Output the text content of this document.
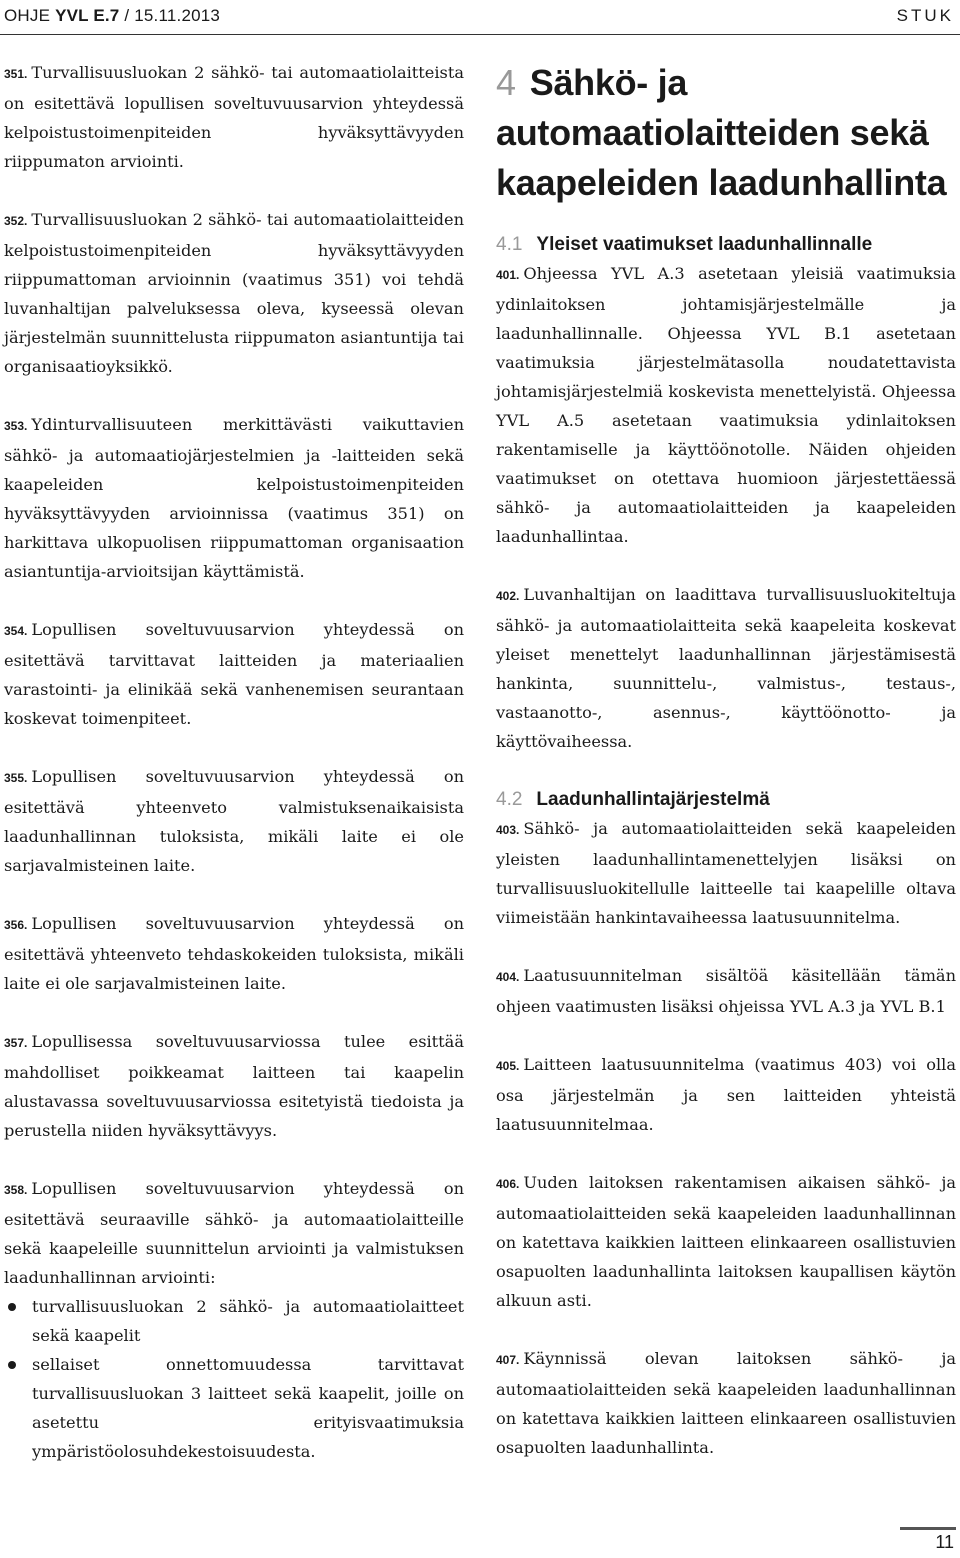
OHJE YVL E.7 / 15.11.2013	STUK

351. Turvallisuusluokan 2 sähkö- tai automaatiolaitteista on esitettävä lopullisen soveltuvuusarvion yhteydessä kelpoistustoimenpiteiden hyväksyttävyyden riippumaton arviointi.

352. Turvallisuusluokan 2 sähkö- tai automaatiolaitteiden kelpoistustoimenpiteiden hyväksyttävyyden riippumattoman arvioinnin (vaatimus 351) voi tehdä luvanhaltijan palveluksessa oleva, kyseessä olevan järjestelmän suunnittelusta riippumaton asiantuntija tai organisaatioyksikkö.

353. Ydinturvallisuuteen merkittävästi vaikuttavien sähkö- ja automaatiojärjestelmien ja -laitteiden sekä kaapeleiden kelpoistustoimenpiteiden hyväksyttävyyden arvioinnissa (vaatimus 351) on harkittava ulkopuolisen riippumattoman organisaation asiantuntija-arvioitsijan käyttämistä.

354. Lopullisen soveltuvuusarvion yhteydessä on esitettävä tarvittavat laitteiden ja materiaalien varastointi- ja elinikää sekä vanhenemisen seurantaan koskevat toimenpiteet.

355. Lopullisen soveltuvuusarvion yhteydessä on esitettävä yhteenveto valmistuksenaikaisista laadunhallinnan tuloksista, mikäli laite ei ole sarjavalmisteinen laite.

356. Lopullisen soveltuvuusarvion yhteydessä on esitettävä yhteenveto tehdaskokeiden tuloksista, mikäli laite ei ole sarjavalmisteinen laite.

357. Lopullisessa soveltuvuusarviossa tulee esittää mahdolliset poikkeamat laitteen tai kaapelin alustavassa soveltuvuusarviossa esitetyistä tiedoista ja perustella niiden hyväksyttävyys.

358. Lopullisen soveltuvuusarvion yhteydessä on esitettävä seuraaville sähkö- ja automaatiolaitteille sekä kaapeleille suunnittelun arviointi ja valmistuksen laadunhallinnan arviointi:

turvallisuusluokan 2 sähkö- ja automaatiolaitteet sekä kaapelit
sellaiset onnettomuudessa tarvittavat turvallisuusluokan 3 laitteet sekä kaapelit, joille on asetettu erityisvaatimuksia ympäristöolosuhdekestoisuudesta.
4 Sähkö- ja automaatiolaitteiden sekä kaapeleiden laadunhallinta
4.1 Yleiset vaatimukset laadunhallinnalle

401. Ohjeessa YVL A.3 asetetaan yleisiä vaatimuksia ydinlaitoksen johtamisjärjestelmälle ja laadunhallinnalle. Ohjeessa YVL B.1 asetetaan vaatimuksia järjestelmätasolla noudatettavista johtamisjärjestelmiä koskevista menettelyistä. Ohjeessa YVL A.5 asetetaan vaatimuksia ydinlaitoksen rakentamiselle ja käyttöönotolle. Näiden ohjeiden vaatimukset on otettava huomioon järjestettäessä sähkö- ja automaatiolaitteiden ja kaapeleiden laadunhallintaa.

402. Luvanhaltijan on laadittava turvallisuusluokiteltuja sähkö- ja automaatiolaitteita sekä kaapeleita koskevat yleiset menettelyt laadunhallinnan järjestämisestä hankinta, suunnittelu-, valmistus-, testaus-, vastaanotto-, asennus-, käyttöönotto- ja käyttövaiheessa.

4.2 Laadunhallintajärjestelmä

403. Sähkö- ja automaatiolaitteiden sekä kaapeleiden yleisten laadunhallintamenettelyjen lisäksi on turvallisuusluokitellulle laitteelle tai kaapelille oltava viimeistään hankintavaiheessa laatusuunnitelma.

404. Laatusuunnitelman sisältöä käsitellään tämän ohjeen vaatimusten lisäksi ohjeissa YVL A.3 ja YVL B.1

405. Laitteen laatusuunnitelma (vaatimus 403) voi olla osa järjestelmän ja sen laitteiden yhteistä laatusuunnitelmaa.

406. Uuden laitoksen rakentamisen aikaisen sähkö- ja automaatiolaitteiden sekä kaapeleiden laadunhallinnan on katettava kaikkien laitteen elinkaareen osallistuvien osapuolten laadunhallinta laitoksen kaupallisen käytön alkuun asti.

407. Käynnissä olevan laitoksen sähkö- ja automaatiolaitteiden sekä kaapeleiden laadunhallinnan on katettava kaikkien laitteen elinkaareen osallistuvien osapuolten laadunhallinta.

11
